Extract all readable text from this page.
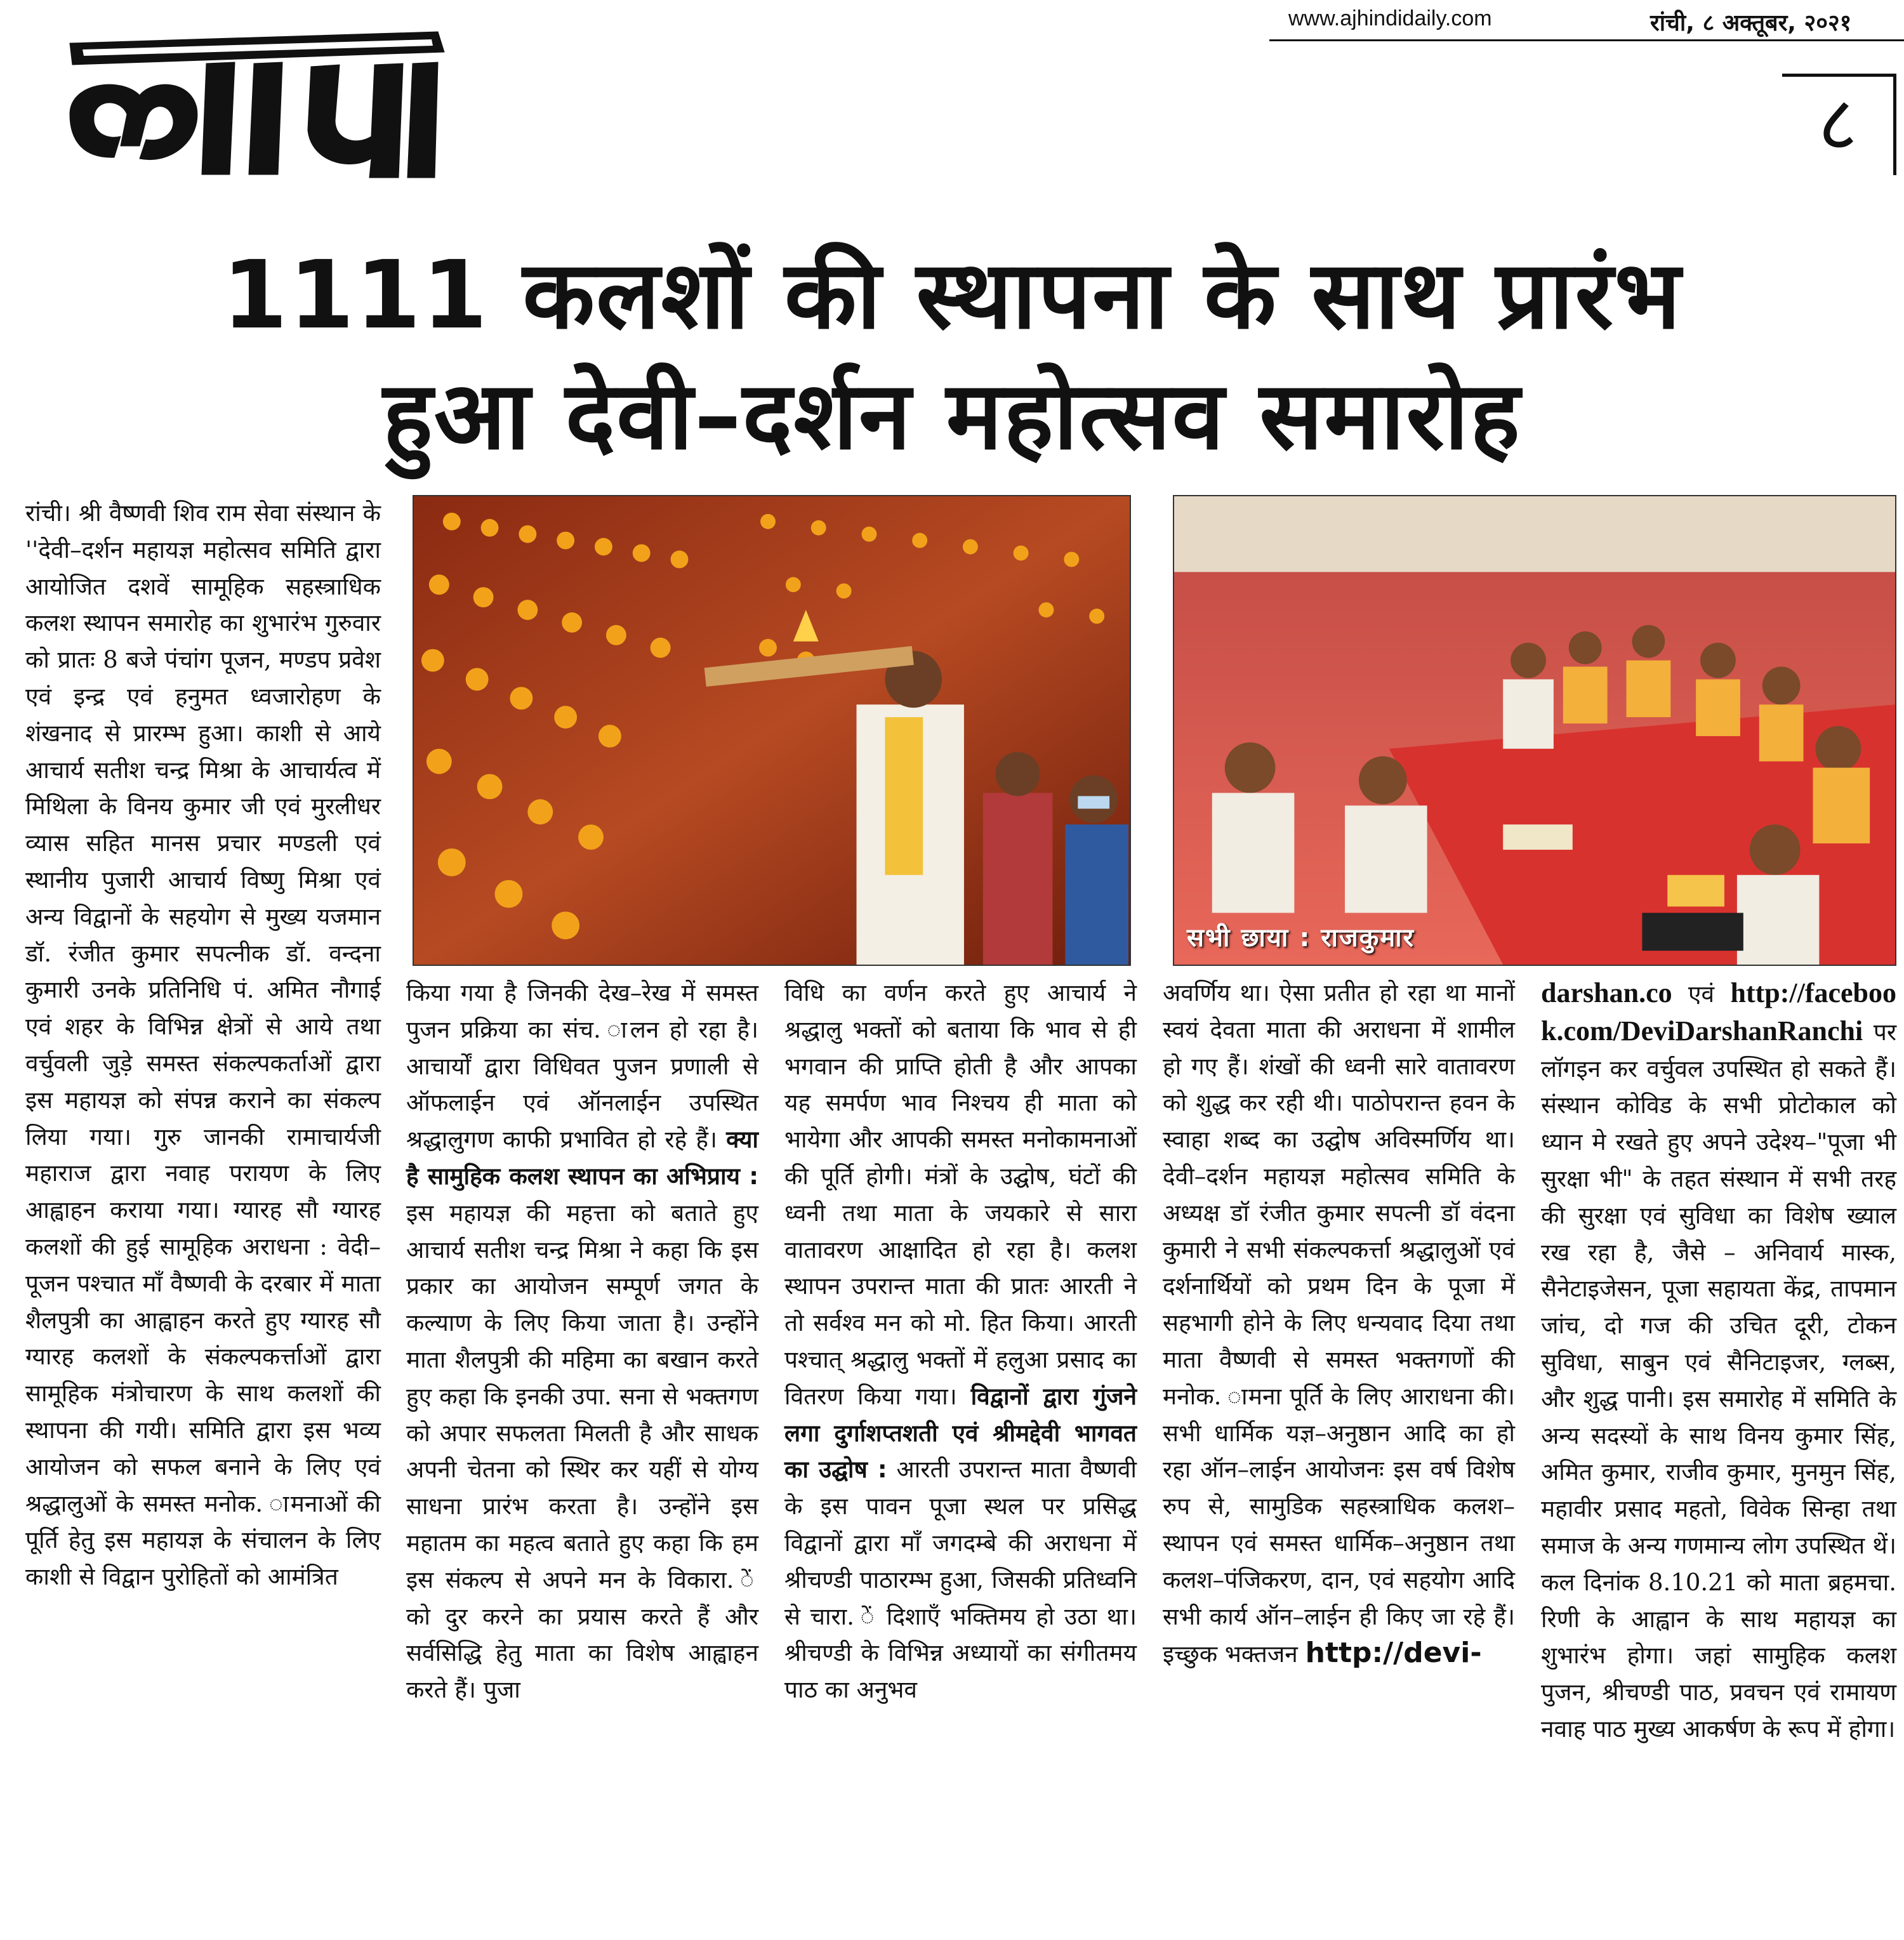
www.ajhindidaily.com	रांची, ८ अक्तूबर, २०२१
८
1111 कलशों की स्थापना के साथ प्रारंभ
हुआ देवी–दर्शन महोत्सव समारोह

रांची। श्री वैष्णवी शिव राम सेवा संस्थान के ''देवी–दर्शन महायज्ञ महोत्सव समिति द्वारा आयोजित दशवें सामूहिक सहस्त्राधिक कलश स्थापन समारोह का शुभारंभ गुरुवार को प्रातः 8 बजे पंचांग पूजन, मण्डप प्रवेश एवं इन्द्र एवं हनुमत ध्वजारोहण के शंखनाद से प्रारम्भ हुआ। काशी से आये आचार्य सतीश चन्द्र मिश्रा के आचार्यत्व में मिथिला के विनय कुमार जी एवं मुरलीधर व्यास सहित मानस प्रचार मण्डली एवं स्थानीय पुजारी आचार्य विष्णु मिश्रा एवं अन्य विद्वानों के सहयोग से मुख्य यजमान डॉ. रंजीत कुमार सपत्नीक डॉ. वन्दना कुमारी उनके प्रतिनिधि पं. अमित नौगाई एवं शहर के विभिन्न क्षेत्रों से आये तथा वर्चुवली जुड़े समस्त संकल्पकर्ताओं द्वारा इस महायज्ञ को संपन्न कराने का संकल्प लिया गया। गुरु जानकी रामाचार्यजी महाराज द्वारा नवाह परायण के लिए आह्वाहन कराया गया। ग्यारह सौ ग्यारह कलशों की हुई सामूहिक अराधना : वेदी–पूजन पश्चात माँ वैष्णवी के दरबार में माता शैलपुत्री का आह्वाहन करते हुए ग्यारह सौ ग्यारह कलशों के संकल्पकर्त्ताओं द्वारा सामूहिक मंत्रोचारण के साथ कलशों की स्थापना की गयी। समिति द्वारा इस भव्य आयोजन को सफल बनाने के लिए एवं श्रद्धालुओं के समस्त मनोक. ामनाओं की पूर्ति हेतु इस महायज्ञ के संचालन के लिए काशी से विद्वान पुरोहितों को आमंत्रित

सभी छाया : राजकुमार

किया गया है जिनकी देख–रेख में समस्त पुजन प्रक्रिया का संच. ालन हो रहा है। आचार्यों द्वारा विधिवत पुजन प्रणाली से ऑफलाईन एवं ऑनलाईन उपस्थित श्रद्धालुगण काफी प्रभावित हो रहे हैं। क्या है सामुहिक कलश स्थापन का अभिप्राय : इस महायज्ञ की महत्ता को बताते हुए आचार्य सतीश चन्द्र मिश्रा ने कहा कि इस प्रकार का आयोजन सम्पूर्ण जगत के कल्याण के लिए किया जाता है। उन्होंने माता शैलपुत्री की महिमा का बखान करते हुए कहा कि इनकी उपा. सना से भक्तगण को अपार सफलता मिलती है और साधक अपनी चेतना को स्थिर कर यहीं से योग्य साधना प्रारंभ करता है। उन्होंने इस महातम का महत्व बताते हुए कहा कि हम इस संकल्प से अपने मन के विकारा. ें को दुर करने का प्रयास करते हैं और सर्वसिद्धि हेतु माता का विशेष आह्वाहन करते हैं। पुजा

विधि का वर्णन करते हुए आचार्य ने श्रद्धालु भक्तों को बताया कि भाव से ही भगवान की प्राप्ति होती है और आपका यह समर्पण भाव निश्चय ही माता को भायेगा और आपकी समस्त मनोकामनाओं की पूर्ति होगी। मंत्रों के उद्घोष, घंटों की ध्वनी तथा माता के जयकारे से सारा वातावरण आक्षादित हो रहा है। कलश स्थापन उपरान्त माता की प्रातः आरती ने तो सर्वश्व मन को मो. हित किया। आरती पश्चात् श्रद्धालु भक्तों में हलुआ प्रसाद का वितरण किया गया। विद्वानों द्वारा गुंजने लगा दुर्गाशप्तशती एवं श्रीमद्देवी भागवत का उद्घोष : आरती उपरान्त माता वैष्णवी के इस पावन पूजा स्थल पर प्रसिद्ध विद्वानों द्वारा माँ जगदम्बे की अराधना में श्रीचण्डी पाठारम्भ हुआ, जिसकी प्रतिध्वनि से चारा. ें दिशाएँ भक्तिमय हो उठा था। श्रीचण्डी के विभिन्न अध्यायों का संगीतमय पाठ का अनुभव

अवर्णिय था। ऐसा प्रतीत हो रहा था मानों स्वयं देवता माता की अराधना में शामील हो गए हैं। शंखों की ध्वनी सारे वातावरण को शुद्ध कर रही थी। पाठोपरान्त हवन के स्वाहा शब्द का उद्घोष अविस्मर्णिय था। देवी–दर्शन महायज्ञ महोत्सव समिति के अध्यक्ष डॉ रंजीत कुमार सपत्नी डॉ वंदना कुमारी ने सभी संकल्पकर्त्ता श्रद्धालुओं एवं दर्शनार्थियों को प्रथम दिन के पूजा में सहभागी होने के लिए धन्यवाद दिया तथा माता वैष्णवी से समस्त भक्तगणों की मनोक. ामना पूर्ति के लिए आराधना की। सभी धार्मिक यज्ञ–अनुष्ठान आदि का हो रहा ऑन–लाईन आयोजनः इस वर्ष विशेष रुप से, सामुडिक सहस्त्राधिक कलश–स्थापन एवं समस्त धार्मिक–अनुष्ठान तथा कलश–पंजिकरण, दान, एवं सहयोग आदि सभी कार्य ऑन–लाईन ही किए जा रहे हैं। इच्छुक भक्तजन http://devi-

darshan.co एवं http://facebook.com/DeviDarshanRanchi पर लॉगइन कर वर्चुवल उपस्थित हो सकते हैं। संस्थान कोविड के सभी प्रोटोकाल को ध्यान मे रखते हुए अपने उदेश्य–"पूजा भी सुरक्षा भी" के तहत संस्थान में सभी तरह की सुरक्षा एवं सुविधा का विशेष ख्याल रख रहा है, जैसे – अनिवार्य मास्क, सैनेटाइजेसन, पूजा सहायता केंद्र, तापमान जांच, दो गज की उचित दूरी, टोकन सुविधा, साबुन एवं सैनिटाइजर, ग्लब्स, और शुद्ध पानी। इस समारोह में समिति के अन्य सदस्यों के साथ विनय कुमार सिंह, अमित कुमार, राजीव कुमार, मुनमुन सिंह, महावीर प्रसाद महतो, विवेक सिन्हा तथा समाज के अन्य गणमान्य लोग उपस्थित थें। कल दिनांक 8.10.21 को माता ब्रहमचा. रिणी के आह्वान के साथ महायज्ञ का शुभारंभ होगा। जहां सामुहिक कलश पुजन, श्रीचण्डी पाठ, प्रवचन एवं रामायण नवाह पाठ मुख्य आकर्षण के रूप में होगा।
